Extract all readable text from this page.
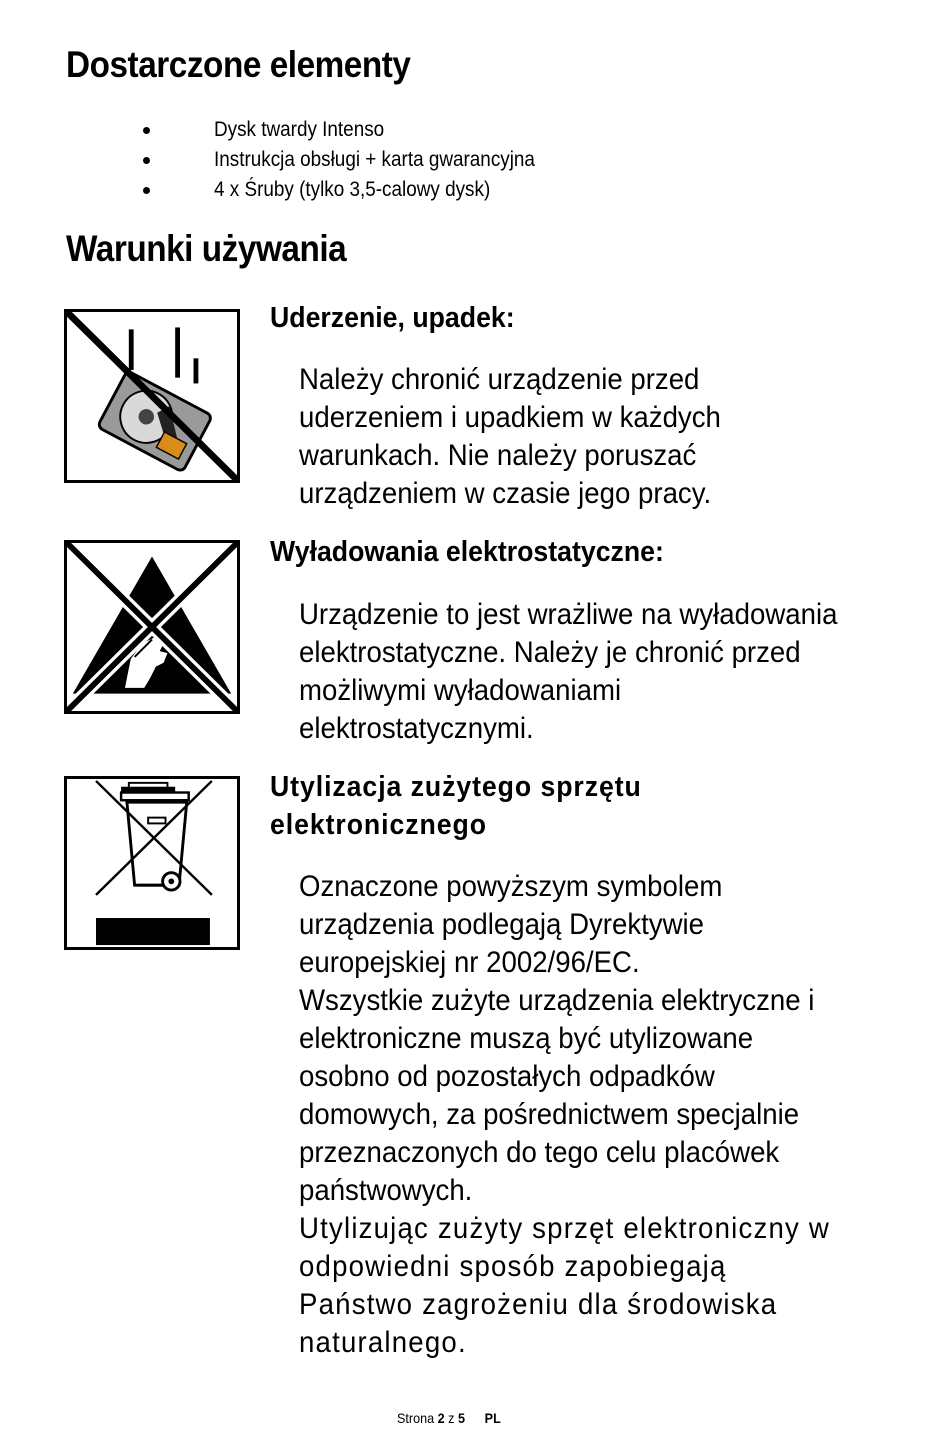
Dostarczone elementy
Dysk twardy Intenso
Instrukcja obsługi + karta gwarancyjna
4 x Śruby (tylko 3,5-calowy dysk)
Warunki używania
Uderzenie, upadek:

Należy chronić urządzenie przed
uderzeniem i upadkiem w każdych
warunkach. Nie należy poruszać
urządzeniem w czasie jego pracy.

Wyładowania elektrostatyczne:

Urządzenie to jest wrażliwe na wyładowania
elektrostatyczne. Należy je chronić przed
możliwymi wyładowaniami
elektrostatycznymi.

Utylizacja zużytego sprzętu
elektronicznego

Oznaczone powyższym symbolem
urządzenia podlegają Dyrektywie
europejskiej nr 2002/96/EC.
Wszystkie zużyte urządzenia elektryczne i
elektroniczne muszą być utylizowane
osobno od pozostałych odpadków
domowych, za pośrednictwem specjalnie
przeznaczonych do tego celu placówek
państwowych.
Utylizując zużyty sprzęt elektroniczny w
odpowiedni sposób zapobiegają
Państwo zagrożeniu dla środowiska
naturalnego.

Strona 2 z 5 PL
